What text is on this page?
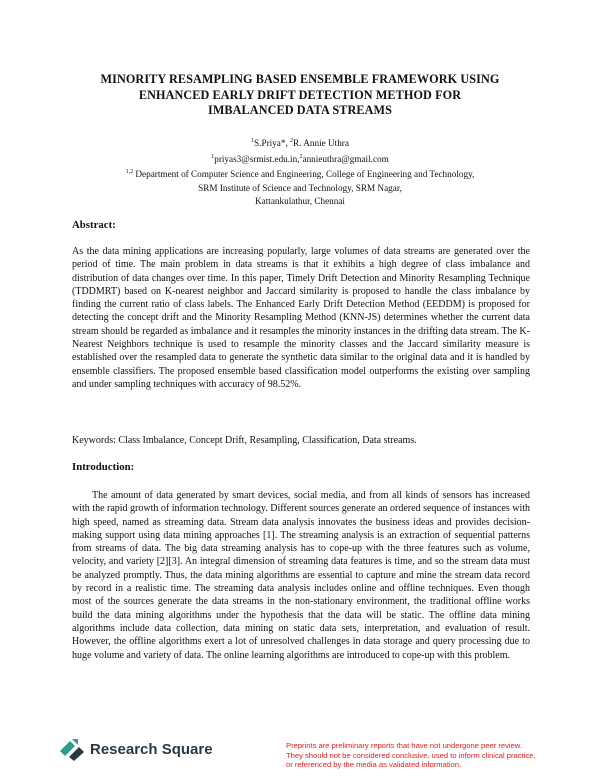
MINORITY RESAMPLING BASED ENSEMBLE FRAMEWORK USING
ENHANCED EARLY DRIFT DETECTION METHOD FOR
IMBALANCED DATA STREAMS
$^1$S.Priya*, $^2$R. Annie Uthra
$^1$priyas3@srmist.edu.in,$^2$annieuthra@gmail.com
$^{1,2}$ Department of Computer Science and Engineering, College of Engineering and Technology,
SRM Institute of Science and Technology, SRM Nagar,
Kattankulathur, Chennai
Abstract:

As the data mining applications are increasing popularly, large volumes of data streams are generated over the period of time. The main problem in data streams is that it exhibits a high degree of class imbalance and distribution of data changes over time. In this paper, Timely Drift Detection and Minority Resampling Technique (TDDMRT) based on K-nearest neighbor and Jaccard similarity is proposed to handle the class imbalance by finding the current ratio of class labels. The Enhanced Early Drift Detection Method (EEDDM) is proposed for detecting the concept drift and the Minority Resampling Method (KNN-JS) determines whether the current data stream should be regarded as imbalance and it resamples the minority instances in the drifting data stream. The K-Nearest Neighbors technique is used to resample the minority classes and the Jaccard similarity measure is established over the resampled data to generate the synthetic data similar to the original data and it is handled by ensemble classifiers. The proposed ensemble based classification model outperforms the existing over sampling and under sampling techniques with accuracy of 98.52%.

Keywords: Class Imbalance, Concept Drift, Resampling, Classification, Data streams.

Introduction:

The amount of data generated by smart devices, social media, and from all kinds of sensors has increased with the rapid growth of information technology. Different sources generate an ordered sequence of instances with high speed, named as streaming data. Stream data analysis innovates the business ideas and provides decision-making support using data mining approaches [1]. The streaming analysis is an extraction of sequential patterns from streams of data. The big data streaming analysis has to cope-up with the three features such as volume, velocity, and variety [2][3]. An integral dimension of streaming data features is time, and so the stream data must be analyzed promptly. Thus, the data mining algorithms are essential to capture and mine the stream data record by record in a realistic time. The streaming data analysis includes online and offline techniques. Even though most of the sources generate the data streams in the non-stationary environment, the traditional offline works build the data mining algorithms under the hypothesis that the data will be static. The offline data mining algorithms include data collection, data mining on static data sets, interpretation, and evaluation of result. However, the offline algorithms exert a lot of unresolved challenges in data storage and query processing due to huge volume and variety of data. The online learning algorithms are introduced to cope-up with this problem.

Research Square	Preprints are preliminary reports that have not undergone peer review.
They should not be considered conclusive, used to inform clinical practice,
or referenced by the media as validated information.
